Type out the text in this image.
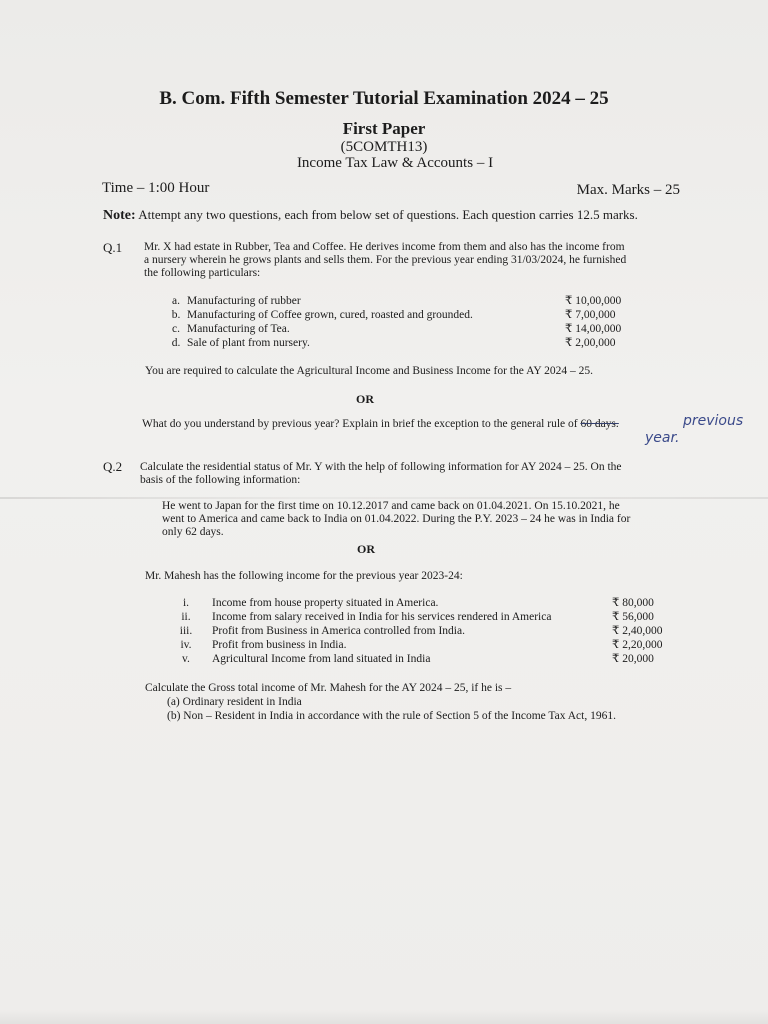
B. Com. Fifth Semester Tutorial Examination 2024 – 25
First Paper
(5COMTH13)
Income Tax Law & Accounts – I
Time – 1:00 Hour	Max. Marks – 25
Note: Attempt any two questions, each from below set of questions. Each question carries 12.5 marks.
Q.1 Mr. X had estate in Rubber, Tea and Coffee. He derives income from them and also has the income from
a nursery wherein he grows plants and sells them. For the previous year ending 31/03/2024, he furnished
the following particulars:
a. Manufacturing of rubber	₹ 10,00,000
b. Manufacturing of Coffee grown, cured, roasted and grounded.	₹ 7,00,000
c. Manufacturing of Tea.	₹ 14,00,000
d. Sale of plant from nursery.	₹ 2,00,000
You are required to calculate the Agricultural Income and Business Income for the AY 2024 – 25.
OR
What do you understand by previous year? Explain in brief the exception to the general rule of 60 days.	previous
year.
Q.2 Calculate the residential status of Mr. Y with the help of following information for AY 2024 – 25. On the
basis of the following information:
He went to Japan for the first time on 10.12.2017 and came back on 01.04.2021. On 15.10.2021, he
went to America and came back to India on 01.04.2022. During the P.Y. 2023 – 24 he was in India for
only 62 days.
OR
Mr. Mahesh has the following income for the previous year 2023-24:
i.	Income from house property situated in America.	₹ 80,000
ii.	Income from salary received in India for his services rendered in America	₹ 56,000
iii.	Profit from Business in America controlled from India.	₹ 2,40,000
iv.	Profit from business in India.	₹ 2,20,000
v.	Agricultural Income from land situated in India	₹ 20,000
Calculate the Gross total income of Mr. Mahesh for the AY 2024 – 25, if he is –
(a) Ordinary resident in India
(b) Non – Resident in India in accordance with the rule of Section 5 of the Income Tax Act, 1961.
